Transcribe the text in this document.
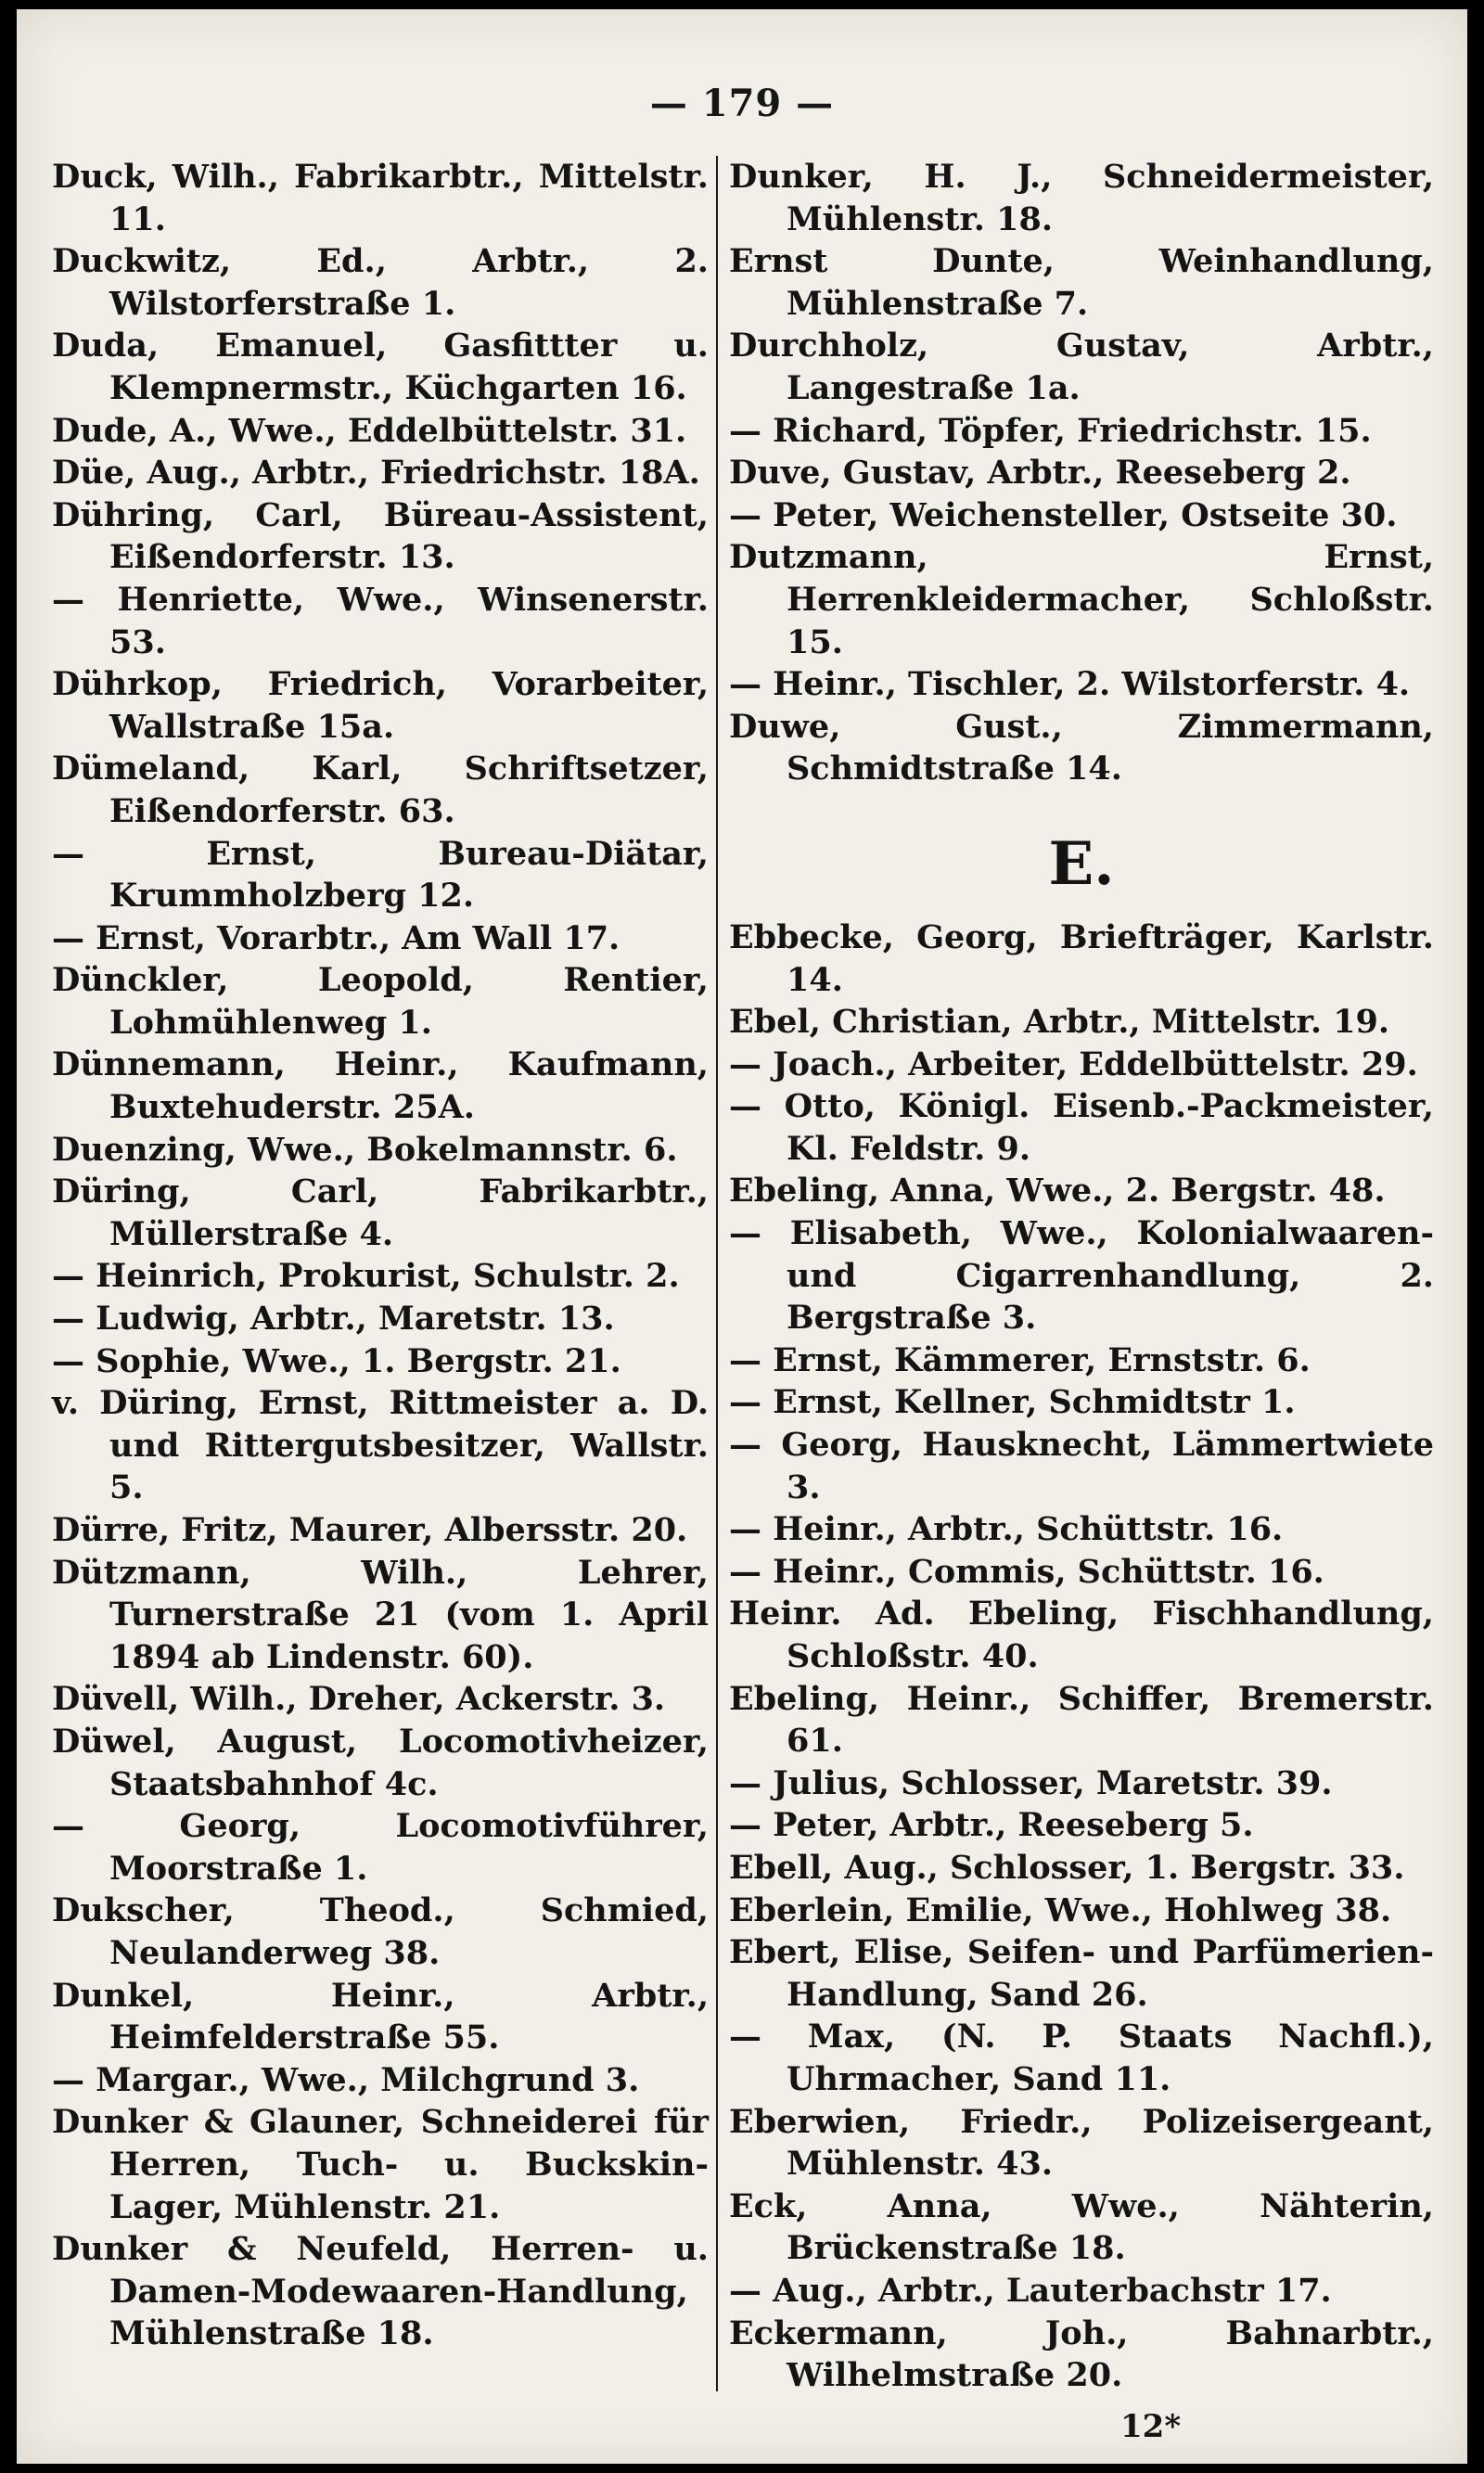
— 179 —

Duck, Wilh., Fabrikarbtr., Mittelstr. 11.

Duckwitz, Ed., Arbtr., 2. Wilstorferstraße 1.

Duda, Emanuel, Gasfittter u. Klempnermstr., Küchgarten 16.

Dude, A., Wwe., Eddelbüttelstr. 31.

Düe, Aug., Arbtr., Friedrichstr. 18A.

Dühring, Carl, Büreau-Assistent, Eißendorferstr. 13.

— Henriette, Wwe., Winsenerstr. 53.

Dührkop, Friedrich, Vorarbeiter, Wallstraße 15a.

Dümeland, Karl, Schriftsetzer, Eißendorferstr. 63.

— Ernst, Bureau-Diätar, Krummholzberg 12.

— Ernst, Vorarbtr., Am Wall 17.

Dünckler, Leopold, Rentier, Lohmühlenweg 1.

Dünnemann, Heinr., Kaufmann, Buxtehuderstr. 25A.

Duenzing, Wwe., Bokelmannstr. 6.

Düring, Carl, Fabrikarbtr., Müllerstraße 4.

— Heinrich, Prokurist, Schulstr. 2.

— Ludwig, Arbtr., Maretstr. 13.

— Sophie, Wwe., 1. Bergstr. 21.

v. Düring, Ernst, Rittmeister a. D. und Rittergutsbesitzer, Wallstr. 5.

Dürre, Fritz, Maurer, Albersstr. 20.

Dützmann, Wilh., Lehrer, Turnerstraße 21 (vom 1. April 1894 ab Lindenstr. 60).

Düvell, Wilh., Dreher, Ackerstr. 3.

Düwel, August, Locomotivheizer, Staatsbahnhof 4c.

— Georg, Locomotivführer, Moorstraße 1.

Dukscher, Theod., Schmied, Neulanderweg 38.

Dunkel, Heinr., Arbtr., Heimfelderstraße 55.

— Margar., Wwe., Milchgrund 3.

Dunker & Glauner, Schneiderei für Herren, Tuch- u. Buckskin-Lager, Mühlenstr. 21.

Dunker & Neufeld, Herren- u. Damen-Modewaaren-Handlung, Mühlenstraße 18.

Dunker, H. J., Schneidermeister, Mühlenstr. 18.

Ernst Dunte, Weinhandlung, Mühlenstraße 7.

Durchholz, Gustav, Arbtr., Langestraße 1a.

— Richard, Töpfer, Friedrichstr. 15.

Duve, Gustav, Arbtr., Reeseberg 2.

— Peter, Weichensteller, Ostseite 30.

Dutzmann, Ernst, Herrenkleidermacher, Schloßstr. 15.

— Heinr., Tischler, 2. Wilstorferstr. 4.

Duwe, Gust., Zimmermann, Schmidtstraße 14.

E.

Ebbecke, Georg, Briefträger, Karlstr. 14.

Ebel, Christian, Arbtr., Mittelstr. 19.

— Joach., Arbeiter, Eddelbüttelstr. 29.

— Otto, Königl. Eisenb.-Packmeister, Kl. Feldstr. 9.

Ebeling, Anna, Wwe., 2. Bergstr. 48.

— Elisabeth, Wwe., Kolonialwaaren- und Cigarrenhandlung, 2. Bergstraße 3.

— Ernst, Kämmerer, Ernststr. 6.

— Ernst, Kellner, Schmidtstr 1.

— Georg, Hausknecht, Lämmertwiete 3.

— Heinr., Arbtr., Schüttstr. 16.

— Heinr., Commis, Schüttstr. 16.

Heinr. Ad. Ebeling, Fischhandlung, Schloßstr. 40.

Ebeling, Heinr., Schiffer, Bremerstr. 61.

— Julius, Schlosser, Maretstr. 39.

— Peter, Arbtr., Reeseberg 5.

Ebell, Aug., Schlosser, 1. Bergstr. 33.

Eberlein, Emilie, Wwe., Hohlweg 38.

Ebert, Elise, Seifen- und Parfümerien-Handlung, Sand 26.

— Max, (N. P. Staats Nachfl.), Uhrmacher, Sand 11.

Eberwien, Friedr., Polizeisergeant, Mühlenstr. 43.

Eck, Anna, Wwe., Nähterin, Brückenstraße 18.

— Aug., Arbtr., Lauterbachstr 17.

Eckermann, Joh., Bahnarbtr., Wilhelmstraße 20.

12*
